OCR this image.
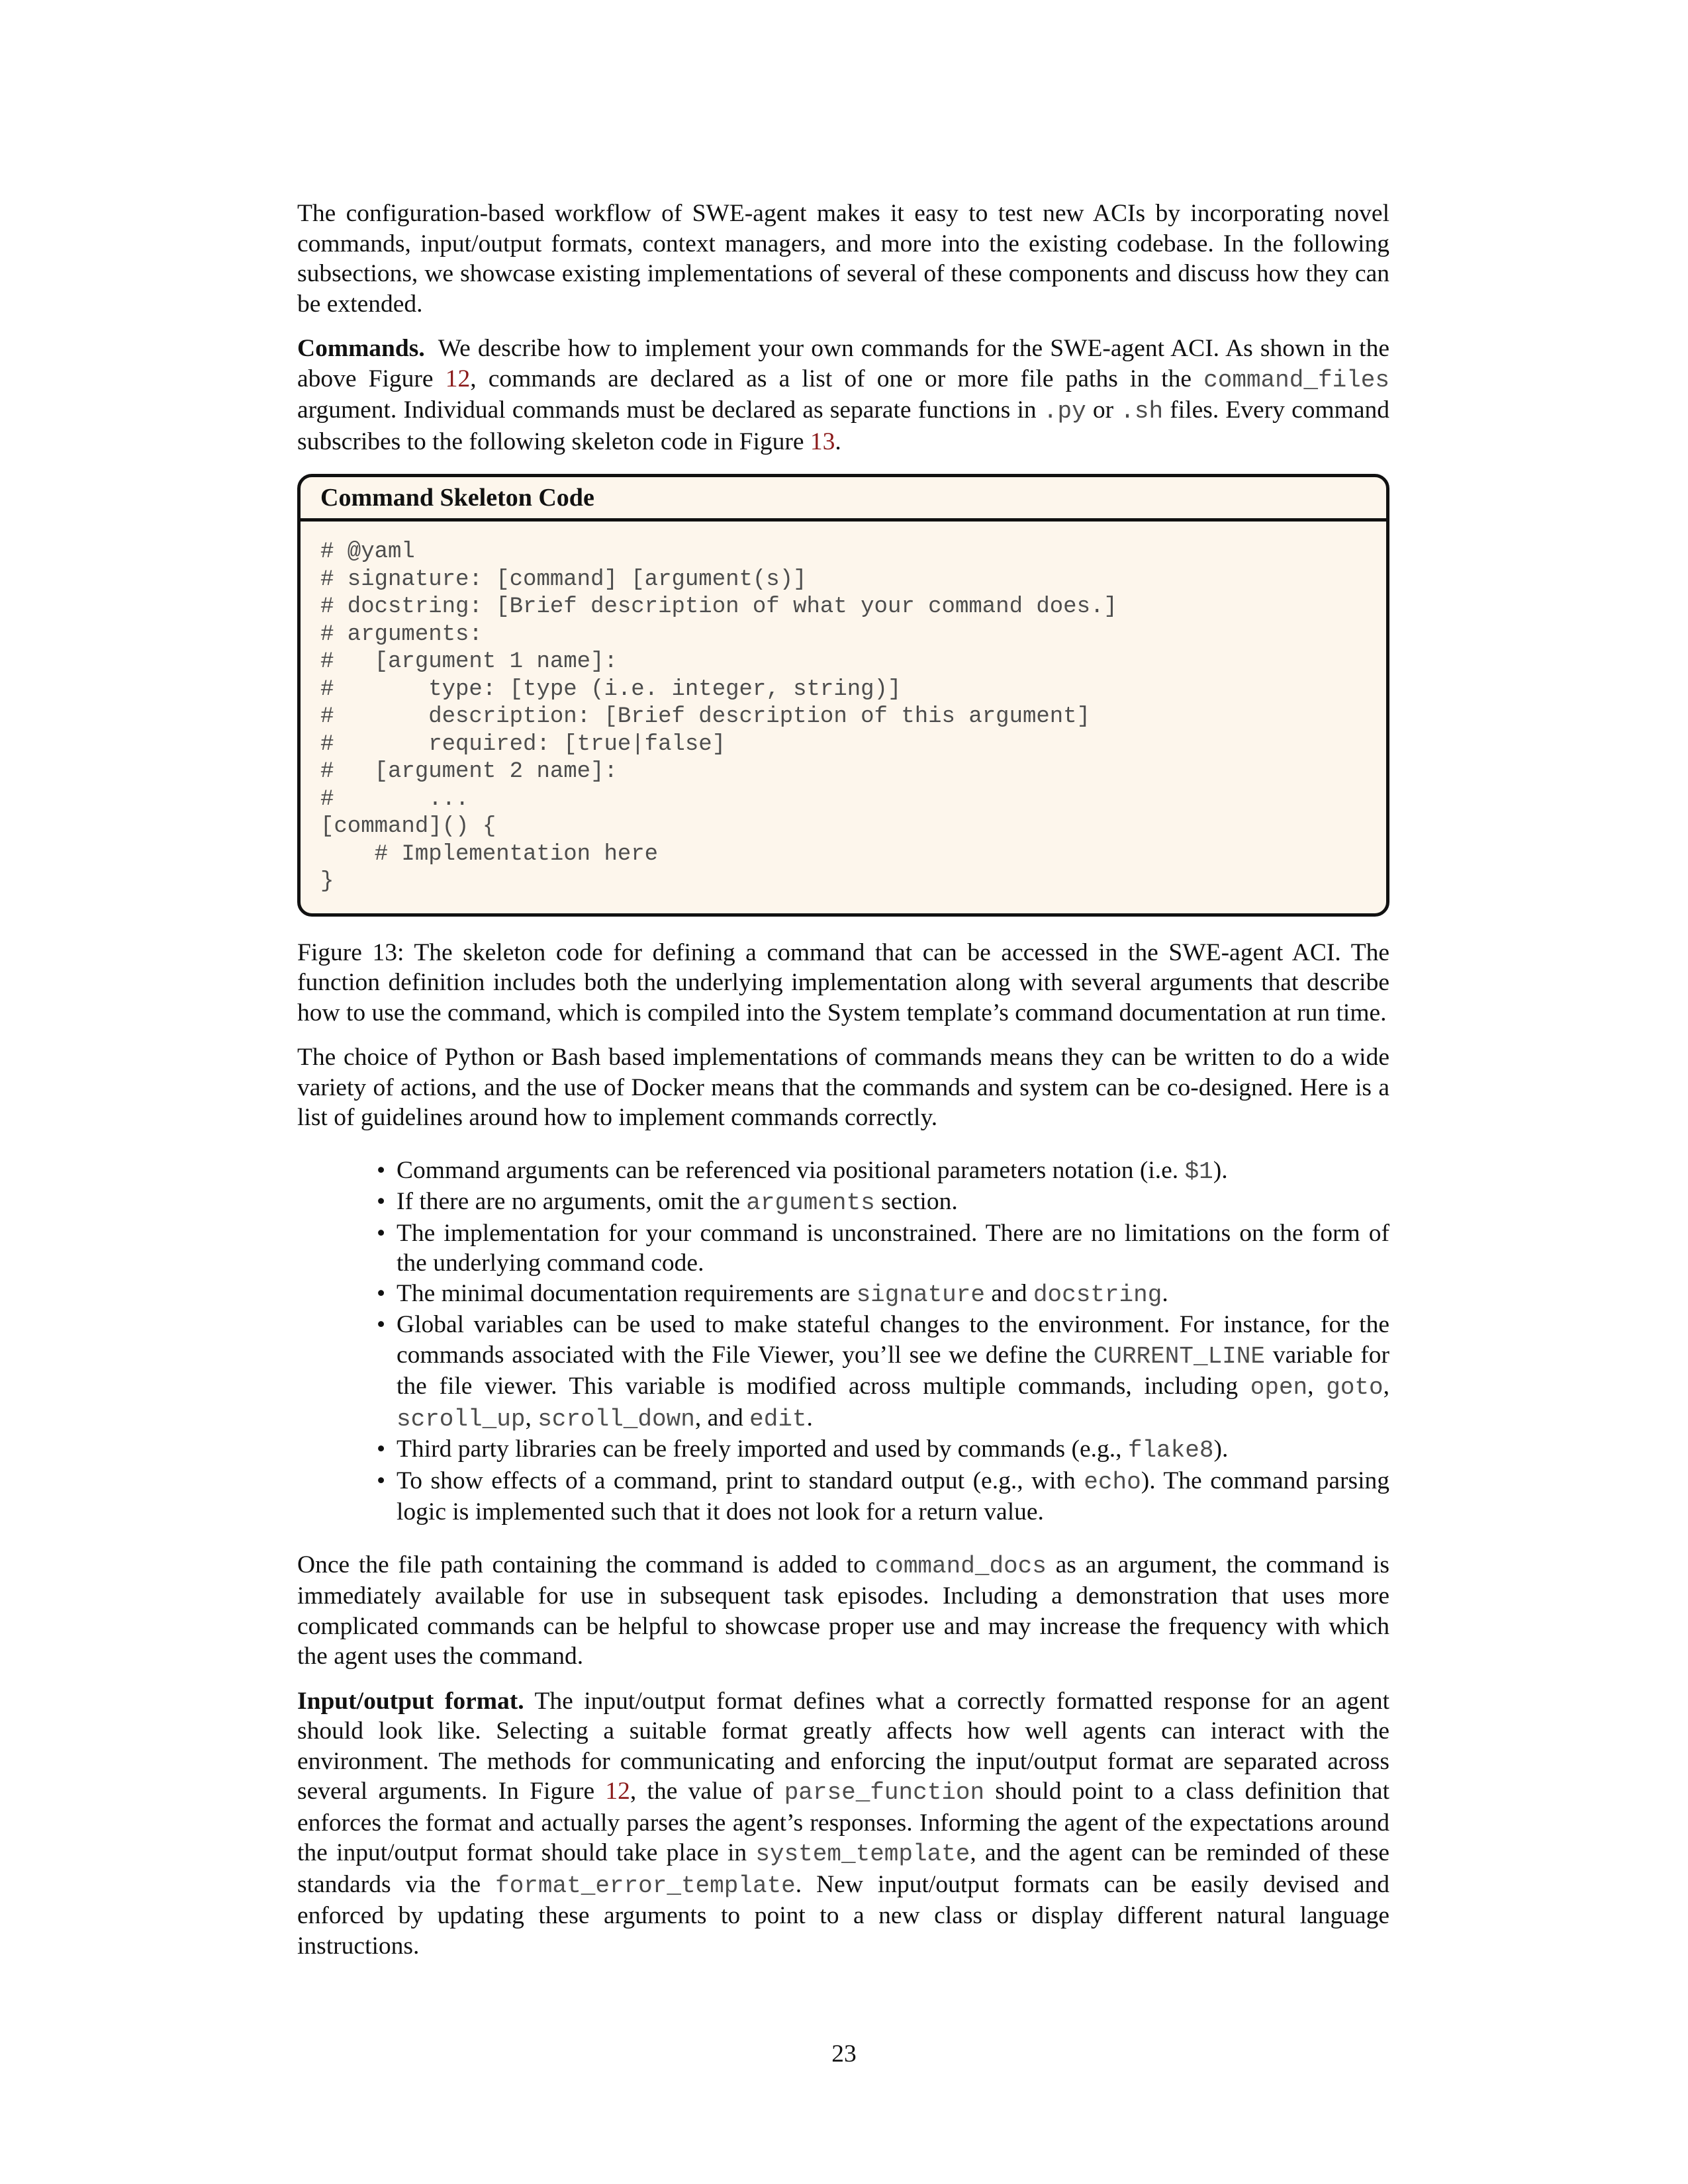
The configuration-based workflow of SWE-agent makes it easy to test new ACIs by incorporating novel commands, input/output formats, context managers, and more into the existing codebase. In the following subsections, we showcase existing implementations of several of these components and discuss how they can be extended.

Commands. We describe how to implement your own commands for the SWE-agent ACI. As shown in the above Figure 12, commands are declared as a list of one or more file paths in the command_files argument. Individual commands must be declared as separate functions in .py or .sh files. Every command subscribes to the following skeleton code in Figure 13.

Command Skeleton Code
# @yaml
# signature: [command] [argument(s)]
# docstring: [Brief description of what your command does.]
# arguments:
#   [argument 1 name]:
#       type: [type (i.e. integer, string)]
#       description: [Brief description of this argument]
#       required: [true|false]
#   [argument 2 name]:
#       ...
[command]() {
# Implementation here
}

Figure 13: The skeleton code for defining a command that can be accessed in the SWE-agent ACI. The function definition includes both the underlying implementation along with several arguments that describe how to use the command, which is compiled into the System template’s command documentation at run time.

The choice of Python or Bash based implementations of commands means they can be written to do a wide variety of actions, and the use of Docker means that the commands and system can be co-designed. Here is a list of guidelines around how to implement commands correctly.

• Command arguments can be referenced via positional parameters notation (i.e. $1).
• If there are no arguments, omit the arguments section.
• The implementation for your command is unconstrained. There are no limitations on the form of the underlying command code.
• The minimal documentation requirements are signature and docstring.
• Global variables can be used to make stateful changes to the environment. For instance, for the commands associated with the File Viewer, you’ll see we define the CURRENT_LINE variable for the file viewer. This variable is modified across multiple commands, including open, goto, scroll_up, scroll_down, and edit.
• Third party libraries can be freely imported and used by commands (e.g., flake8).
• To show effects of a command, print to standard output (e.g., with echo). The command parsing logic is implemented such that it does not look for a return value.

Once the file path containing the command is added to command_docs as an argument, the command is immediately available for use in subsequent task episodes. Including a demonstration that uses more complicated commands can be helpful to showcase proper use and may increase the frequency with which the agent uses the command.

Input/output format. The input/output format defines what a correctly formatted response for an agent should look like. Selecting a suitable format greatly affects how well agents can interact with the environment. The methods for communicating and enforcing the input/output format are separated across several arguments. In Figure 12, the value of parse_function should point to a class definition that enforces the format and actually parses the agent’s responses. Informing the agent of the expectations around the input/output format should take place in system_template, and the agent can be reminded of these standards via the format_error_template. New input/output formats can be easily devised and enforced by updating these arguments to point to a new class or display different natural language instructions.

23
